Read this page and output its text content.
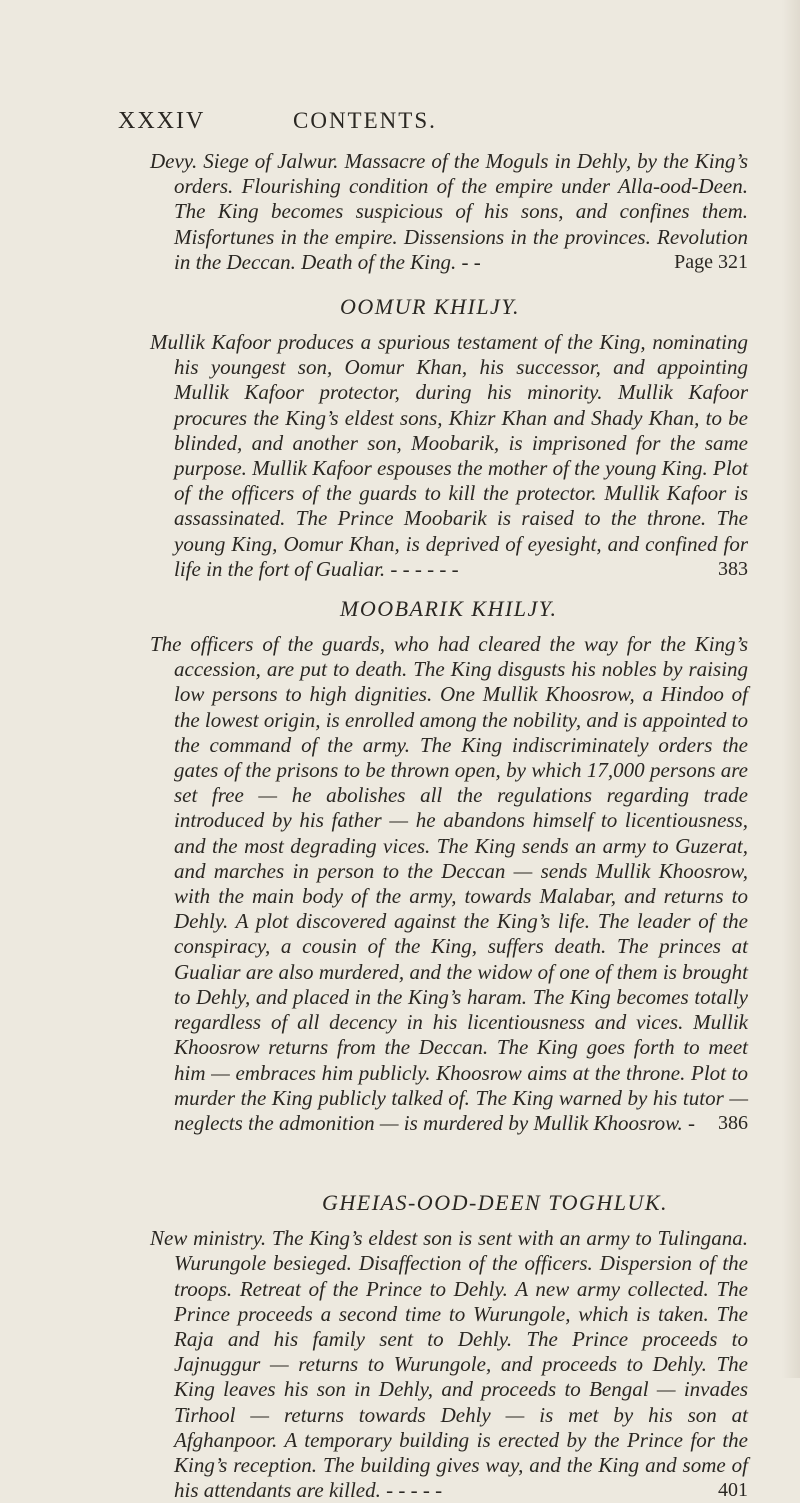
XXXIV	CONTENTS.

Devy. Siege of Jalwur. Massacre of the Moguls in Dehly, by the King’s orders. Flourishing condition of the empire under Alla-ood-Deen. The King becomes suspicious of his sons, and confines them. Misfortunes in the empire. Dissensions in the provinces. Revolution in the Deccan. Death of the King. - -	Page 321

OOMUR KHILJY.

Mullik Kafoor produces a spurious testament of the King, nominating his youngest son, Oomur Khan, his successor, and appointing Mullik Kafoor protector, during his minority. Mullik Kafoor procures the King’s eldest sons, Khizr Khan and Shady Khan, to be blinded, and another son, Moobarik, is imprisoned for the same purpose. Mullik Kafoor espouses the mother of the young King. Plot of the officers of the guards to kill the protector. Mullik Kafoor is assassinated. The Prince Moobarik is raised to the throne. The young King, Oomur Khan, is deprived of eyesight, and confined for life in the fort of Gualiar. - - - - - -	383

MOOBARIK KHILJY.

The officers of the guards, who had cleared the way for the King’s accession, are put to death. The King disgusts his nobles by raising low persons to high dignities. One Mullik Khoosrow, a Hindoo of the lowest origin, is enrolled among the nobility, and is appointed to the command of the army. The King indiscriminately orders the gates of the prisons to be thrown open, by which 17,000 persons are set free — he abolishes all the regulations regarding trade introduced by his father — he abandons himself to licentiousness, and the most degrading vices. The King sends an army to Guzerat, and marches in person to the Deccan — sends Mullik Khoosrow, with the main body of the army, towards Malabar, and returns to Dehly. A plot discovered against the King’s life. The leader of the conspiracy, a cousin of the King, suffers death. The princes at Gualiar are also murdered, and the widow of one of them is brought to Dehly, and placed in the King’s haram. The King becomes totally regardless of all decency in his licentiousness and vices. Mullik Khoosrow returns from the Deccan. The King goes forth to meet him — embraces him publicly. Khoosrow aims at the throne. Plot to murder the King publicly talked of. The King warned by his tutor — neglects the admonition — is murdered by Mullik Khoosrow. - 386

GHEIAS-OOD-DEEN TOGHLUK.

New ministry. The King’s eldest son is sent with an army to Tulingana. Wurungole besieged. Disaffection of the officers. Dispersion of the troops. Retreat of the Prince to Dehly. A new army collected. The Prince proceeds a second time to Wurungole, which is taken. The Raja and his family sent to Dehly. The Prince proceeds to Jajnuggur — returns to Wurungole, and proceeds to Dehly. The King leaves his son in Dehly, and proceeds to Bengal — invades Tirhool — returns towards Dehly — is met by his son at Afghanpoor. A temporary building is erected by the Prince for the King’s reception. The building gives way, and the King and some of his attendants are killed. - - - - -	401
